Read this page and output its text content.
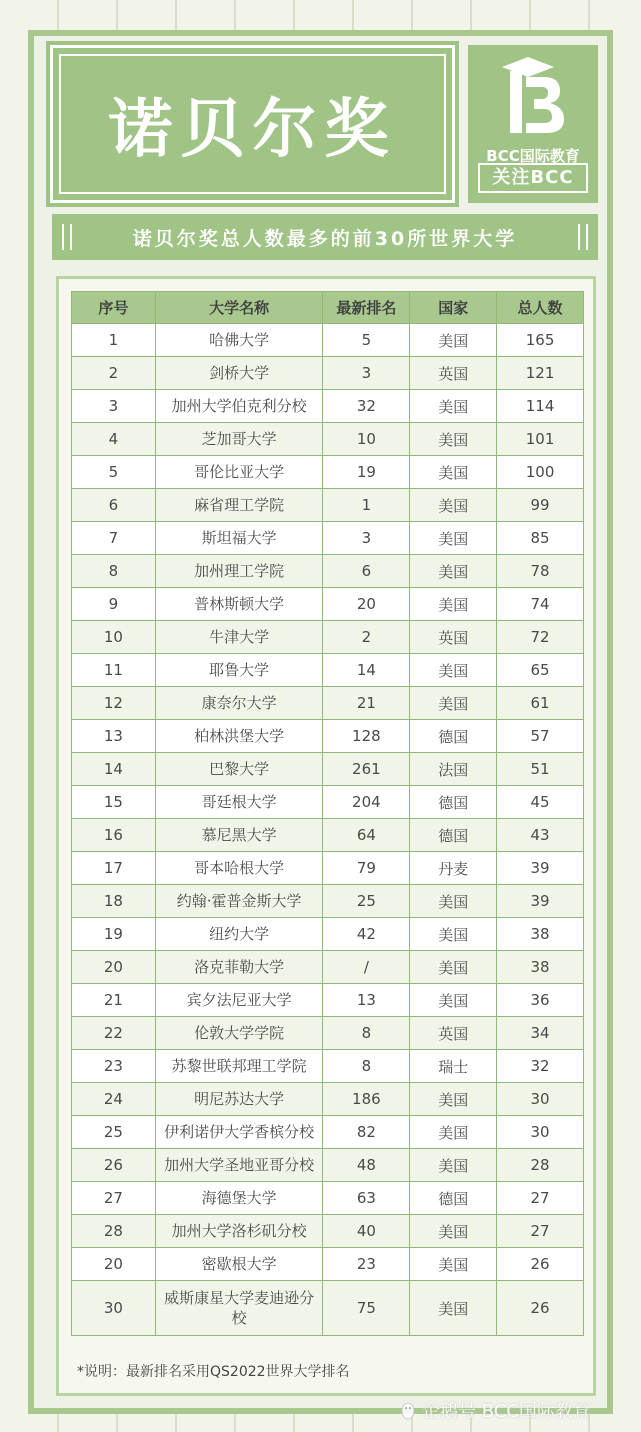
诺贝尔奖	BCC国际教育
关注BCC
诺贝尔奖总人数最多的前30所世界大学
序号	大学名称	最新排名	国家	总人数
1	哈佛大学	5	美国	165
2	剑桥大学	3	英国	121
3	加州大学伯克利分校	32	美国	114
4	芝加哥大学	10	美国	101
5	哥伦比亚大学	19	美国	100
6	麻省理工学院	1	美国	99
7	斯坦福大学	3	美国	85
8	加州理工学院	6	美国	78
9	普林斯顿大学	20	美国	74
10	牛津大学	2	英国	72
11	耶鲁大学	14	美国	65
12	康奈尔大学	21	美国	61
13	柏林洪堡大学	128	德国	57
14	巴黎大学	261	法国	51
15	哥廷根大学	204	德国	45
16	慕尼黑大学	64	德国	43
17	哥本哈根大学	79	丹麦	39
18	约翰·霍普金斯大学	25	美国	39
19	纽约大学	42	美国	38
20	洛克菲勒大学	/	美国	38
21	宾夕法尼亚大学	13	美国	36
22	伦敦大学学院	8	英国	34
23	苏黎世联邦理工学院	8	瑞士	32
24	明尼苏达大学	186	美国	30
25	伊利诺伊大学香槟分校	82	美国	30
26	加州大学圣地亚哥分校	48	美国	28
27	海德堡大学	63	德国	27
28	加州大学洛杉矶分校	40	美国	27
20	密歇根大学	23	美国	26
30	威斯康星大学麦迪逊分校	75	美国	26
*说明：最新排名采用QS2022世界大学排名
企鹅号 BCC国际教育
